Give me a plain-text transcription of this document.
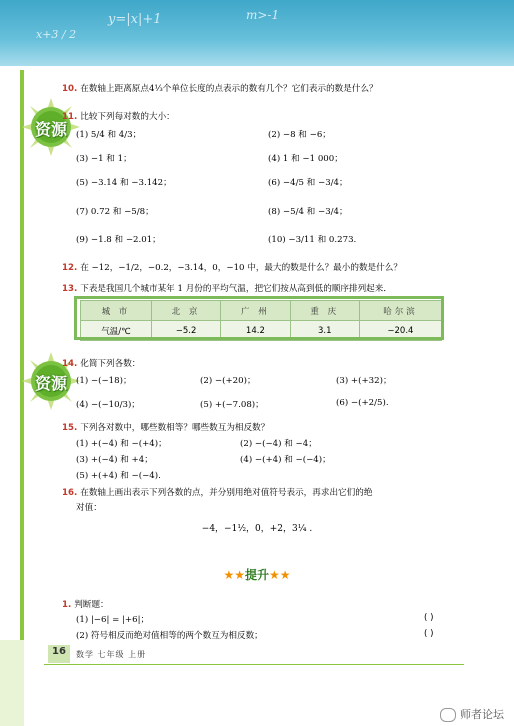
x+3 / 2
y=|x|+1	m>-1
资源
资源
10. 在数轴上距离原点4⅓个单位长度的点表示的数有几个？它们表示的数是什么？
11. 比较下列每对数的大小：
(1) 5/4 和 4/3；	(2) −8 和 −6；
(3) −1 和 1；	(4) 1 和 −1 000；
(5) −3.14 和 −3.142；	(6) −4/5 和 −3/4；
(7) 0.72 和 −5/8；	(8) −5/4 和 −3/4；
(9) −1.8 和 −2.01；	(10) −3/11 和 0.273.
12. 在 −12，−1/2，−0.2，−3.14，0，−10 中，最大的数是什么？最小的数是什么？
13. 下表是我国几个城市某年 1 月份的平均气温，把它们按从高到低的顺序排列起来．
城 市	北 京	广 州	重 庆	哈尔滨
气温/℃	−5.2	14.2	3.1	−20.4
14. 化简下列各数：
(1) −(−18)；	(2) −(+20)；	(3) +(+32)；
(4) −(−10/3)；	(5) +(−7.08)；	(6) −(+2/5).
15. 下列各对数中，哪些数相等？哪些数互为相反数？
(1) +(−4) 和 −(+4)；	(2) −(−4) 和 −4；
(3) +(−4) 和 +4；	(4) −(+4) 和 −(−4)；
(5) +(+4) 和 −(−4).
16. 在数轴上画出表示下列各数的点，并分别用绝对值符号表示，再求出它们的绝
对值：
−4，−1½，0，+2，3¼ .
★★提升★★
1. 判断题：
(1) |−6| = |+6|；	( )
(2) 符号相反而绝对值相等的两个数互为相反数；	( )
16	数学 七年级 上册
师者论坛
